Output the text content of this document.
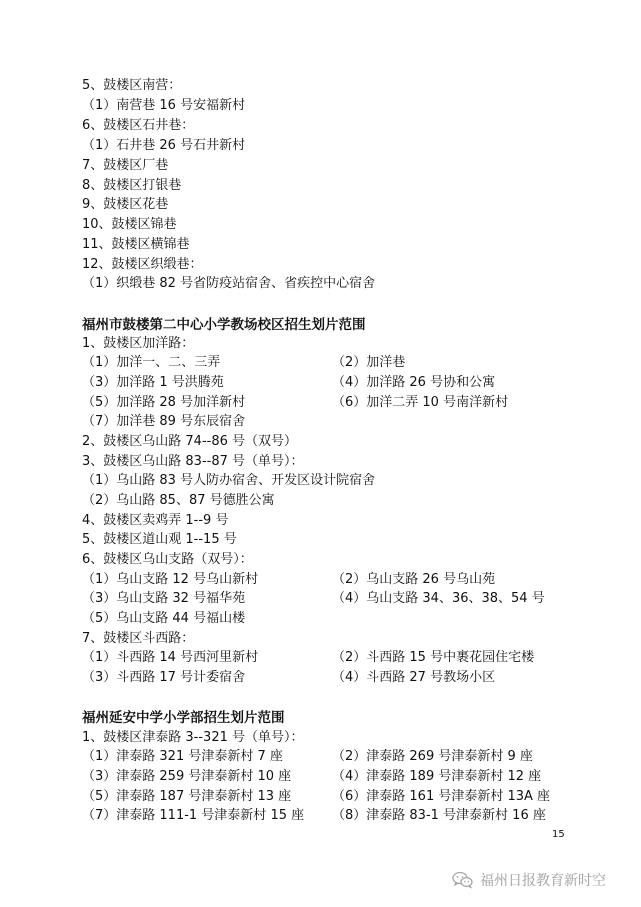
5、鼓楼区南营：
（1）南营巷 16 号安福新村
6、鼓楼区石井巷：
（1）石井巷 26 号石井新村
7、鼓楼区厂巷
8、鼓楼区打银巷
9、鼓楼区花巷
10、鼓楼区锦巷
11、鼓楼区横锦巷
12、鼓楼区织缎巷：
（1）织缎巷 82 号省防疫站宿舍、省疾控中心宿舍
福州市鼓楼第二中心小学教场校区招生划片范围
1、鼓楼区加洋路：
（1）加洋一、二、三弄	（2）加洋巷
（3）加洋路 1 号洪腾苑	（4）加洋路 26 号协和公寓
（5）加洋路 28 号加洋新村	（6）加洋二弄 10 号南洋新村
（7）加洋巷 89 号东辰宿舍
2、鼓楼区乌山路 74--86 号（双号）
3、鼓楼区乌山路 83--87 号（单号）：
（1）乌山路 83 号人防办宿舍、开发区设计院宿舍
（2）乌山路 85、87 号德胜公寓
4、鼓楼区卖鸡弄 1--9 号
5、鼓楼区道山观 1--15 号
6、鼓楼区乌山支路（双号）：
（1）乌山支路 12 号乌山新村	（2）乌山支路 26 号乌山苑
（3）乌山支路 32 号福华苑	（4）乌山支路 34、36、38、54 号
（5）乌山支路 44 号福山楼
7、鼓楼区斗西路：
（1）斗西路 14 号西河里新村	（2）斗西路 15 号中裹花园住宅楼
（3）斗西路 17 号计委宿舍	（4）斗西路 27 号教场小区
福州延安中学小学部招生划片范围
1、鼓楼区津泰路 3--321 号（单号）：
（1）津泰路 321 号津泰新村 7 座	（2）津泰路 269 号津泰新村 9 座
（3）津泰路 259 号津泰新村 10 座	（4）津泰路 189 号津泰新村 12 座
（5）津泰路 187 号津泰新村 13 座	（6）津泰路 161 号津泰新村 13A 座
（7）津泰路 111-1 号津泰新村 15 座 （8）津泰路 83-1 号津泰新村 16 座
15
福州日报教育新时空
